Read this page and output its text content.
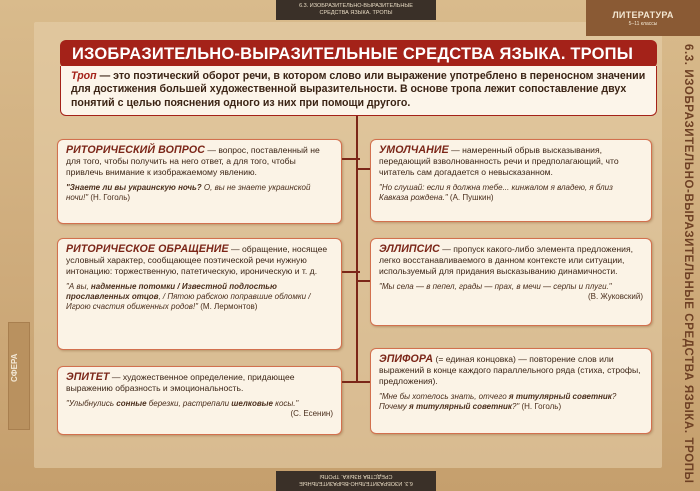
6.3. ИЗОБРАЗИТЕЛЬНО-ВЫРАЗИТЕЛЬНЫЕ
СРЕДСТВА ЯЗЫКА. ТРОПЫ	ЛИТЕРАТУРА
5–11 классы
6.3. ИЗОБРАЗИТЕЛЬНО-ВЫРАЗИТЕЛЬНЫЕ СРЕДСТВА ЯЗЫКА. ТРОПЫ
СФЕРА
ИЗОБРАЗИТЕЛЬНО-ВЫРАЗИТЕЛЬНЫЕ СРЕДСТВА ЯЗЫКА. ТРОПЫ
Троп — это поэтический оборот речи, в котором слово или выражение употреблено в переносном значении для достижения большей художественной выразительности. В основе тропа лежит сопоставление двух понятий с целью пояснения одного из них при помощи другого.
РИТОРИЧЕСКИЙ ВОПРОС — вопрос, поставленный не для того, чтобы получить на него ответ, а для того, чтобы привлечь внимание к изображаемому явлению.
"Знаете ли вы украинскую ночь? О, вы не знаете украинской ночи!" (Н. Гоголь)
РИТОРИЧЕСКОЕ ОБРАЩЕНИЕ — обращение, носящее условный характер, сообщающее поэтической речи нужную интонацию: торжественную, патетическую, ироническую и т. д.
"А вы, надменные потомки / Известной подлостью прославленных отцов, / Пятою рабскою поправшие обломки / Игрою счастия обиженных родов!" (М. Лермонтов)
ЭПИТЕТ — художественное определение, придающее выражению образность и эмоциональность.
"Улыбнулись сонные березки, растрепали шелковые косы."

(С. Есенин)
УМОЛЧАНИЕ — намеренный обрыв высказывания, передающий взволнованность речи и предполагающий, что читатель сам догадается о невысказанном.
"Но слушай: если я должна тебе... кинжалом я владею, я близ Кавказа рождена." (А. Пушкин)
ЭЛЛИПСИС — пропуск какого-либо элемента предложения, легко восстанавливаемого в данном контексте или ситуации, используемый для придания высказыванию динамичности.
"Мы села — в пепел, грады — прах, в мечи — серпы и плуги."
(В. Жуковский)
ЭПИФОРА (= единая концовка) — повторение слов или выражений в конце каждого параллельного ряда (стиха, строфы, предложения).
"Мне бы хотелось знать, отчего я титулярный советник? Почему я титулярный советник?" (Н. Гоголь)
6.3. ИЗОБРАЗИТЕЛЬНО-ВЫРАЗИТЕЛЬНЫЕ
СРЕДСТВА ЯЗЫКА. ТРОПЫ
